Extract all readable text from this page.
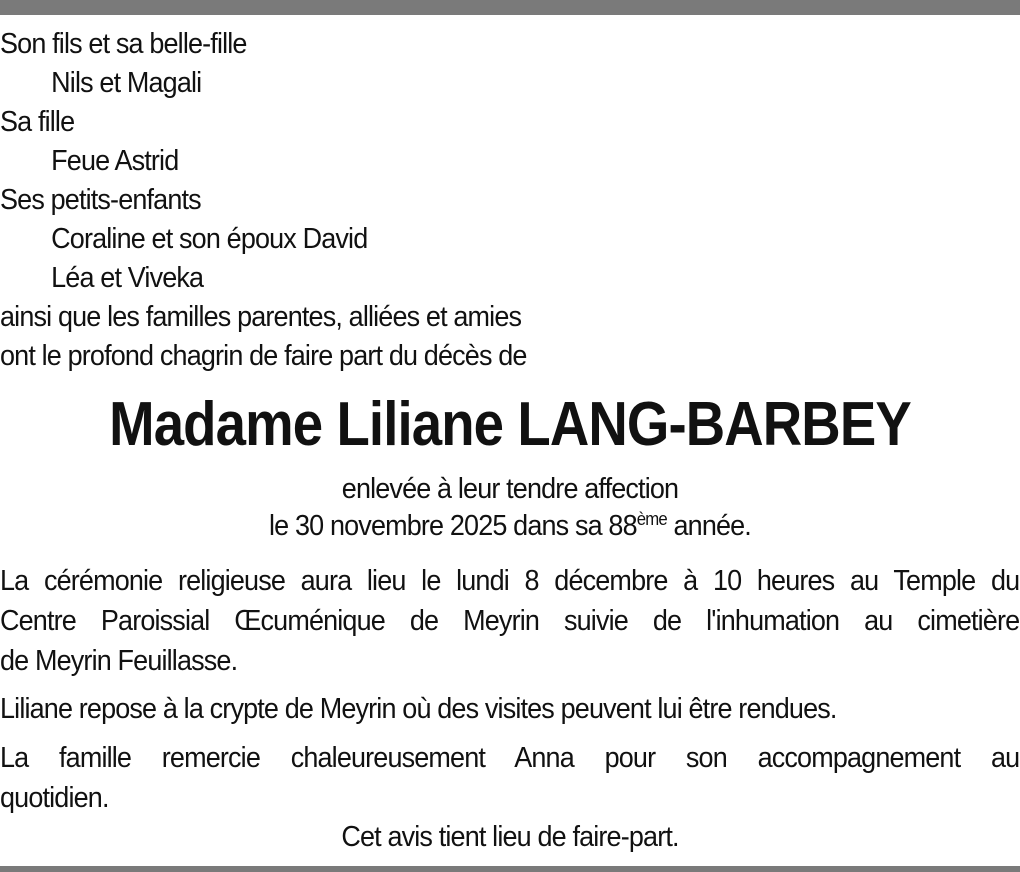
Son fils et sa belle-fille
Nils et Magali
Sa fille
Feue Astrid
Ses petits-enfants
Coraline et son époux David
Léa et Viveka
ainsi que les familles parentes, alliées et amies
ont le profond chagrin de faire part du décès de
Madame Liliane LANG-BARBEY
enlevée à leur tendre affection
le 30 novembre 2025 dans sa 88ème année.
La cérémonie religieuse aura lieu le lundi 8 décembre à 10 heures au Temple du
Centre Paroissial Œcuménique de Meyrin suivie de l'inhumation au cimetière
de Meyrin Feuillasse.
Liliane repose à la crypte de Meyrin où des visites peuvent lui être rendues.
La famille remercie chaleureusement Anna pour son accompagnement au
quotidien.
Cet avis tient lieu de faire-part.
